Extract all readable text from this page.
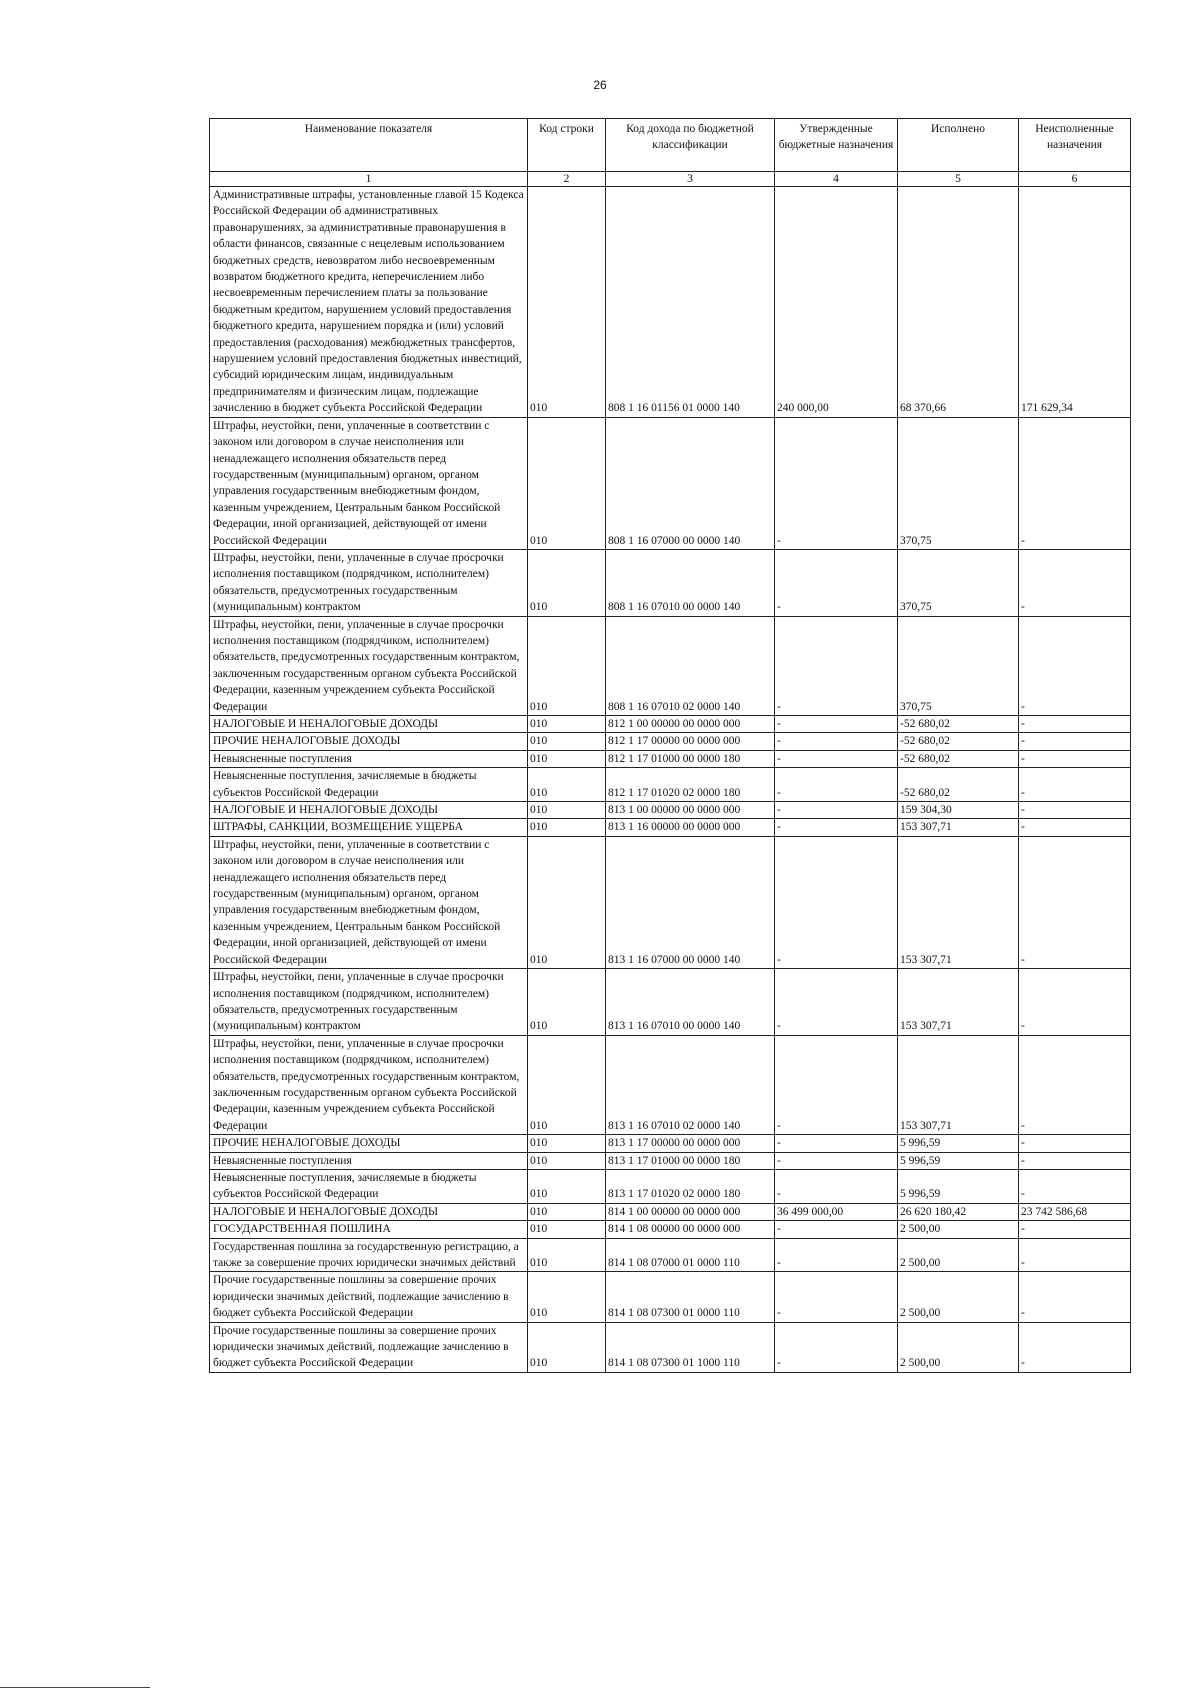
26
Наименование показателя	Код строки	Код дохода по бюджетной классификации	Утвержденные бюджетные назначения	Исполнено	Неисполненные назначения
1	2	3	4	5	6
Административные штрафы, установленные главой 15 Кодекса Российской Федерации об административных правонарушениях, за административные правонарушения в области финансов, связанные с нецелевым использованием бюджетных средств, невозвратом либо несвоевременным возвратом бюджетного кредита, неперечислением либо несвоевременным перечислением платы за пользование бюджетным кредитом, нарушением условий предоставления бюджетного кредита, нарушением порядка и (или) условий предоставления (расходования) межбюджетных трансфертов, нарушением условий предоставления бюджетных инвестиций, субсидий юридическим лицам, индивидуальным предпринимателям и физическим лицам, подлежащие зачислению в бюджет субъекта Российской Федерации	010	808 1 16 01156 01 0000 140	240 000,00	68 370,66	171 629,34
Штрафы, неустойки, пени, уплаченные в соответствии с законом или договором в случае неисполнения или ненадлежащего исполнения обязательств перед государственным (муниципальным) органом, органом управления государственным внебюджетным фондом, казенным учреждением, Центральным банком Российской Федерации, иной организацией, действующей от имени Российской Федерации	010	808 1 16 07000 00 0000 140	-	370,75	-
Штрафы, неустойки, пени, уплаченные в случае просрочки исполнения поставщиком (подрядчиком, исполнителем) обязательств, предусмотренных государственным (муниципальным) контрактом	010	808 1 16 07010 00 0000 140	-	370,75	-
Штрафы, неустойки, пени, уплаченные в случае просрочки исполнения поставщиком (подрядчиком, исполнителем) обязательств, предусмотренных государственным контрактом, заключенным государственным органом субъекта Российской Федерации, казенным учреждением субъекта Российской Федерации	010	808 1 16 07010 02 0000 140	-	370,75	-
НАЛОГОВЫЕ И НЕНАЛОГОВЫЕ ДОХОДЫ	010	812 1 00 00000 00 0000 000	-	-52 680,02	-
ПРОЧИЕ НЕНАЛОГОВЫЕ ДОХОДЫ	010	812 1 17 00000 00 0000 000	-	-52 680,02	-
Невыясненные поступления	010	812 1 17 01000 00 0000 180	-	-52 680,02	-
Невыясненные поступления, зачисляемые в бюджеты субъектов Российской Федерации	010	812 1 17 01020 02 0000 180	-	-52 680,02	-
НАЛОГОВЫЕ И НЕНАЛОГОВЫЕ ДОХОДЫ	010	813 1 00 00000 00 0000 000	-	159 304,30	-
ШТРАФЫ, САНКЦИИ, ВОЗМЕЩЕНИЕ УЩЕРБА	010	813 1 16 00000 00 0000 000	-	153 307,71	-
Штрафы, неустойки, пени, уплаченные в соответствии с законом или договором в случае неисполнения или ненадлежащего исполнения обязательств перед государственным (муниципальным) органом, органом управления государственным внебюджетным фондом, казенным учреждением, Центральным банком Российской Федерации, иной организацией, действующей от имени Российской Федерации	010	813 1 16 07000 00 0000 140	-	153 307,71	-
Штрафы, неустойки, пени, уплаченные в случае просрочки исполнения поставщиком (подрядчиком, исполнителем) обязательств, предусмотренных государственным (муниципальным) контрактом	010	813 1 16 07010 00 0000 140	-	153 307,71	-
Штрафы, неустойки, пени, уплаченные в случае просрочки исполнения поставщиком (подрядчиком, исполнителем) обязательств, предусмотренных государственным контрактом, заключенным государственным органом субъекта Российской Федерации, казенным учреждением субъекта Российской Федерации	010	813 1 16 07010 02 0000 140	-	153 307,71	-
ПРОЧИЕ НЕНАЛОГОВЫЕ ДОХОДЫ	010	813 1 17 00000 00 0000 000	-	5 996,59	-
Невыясненные поступления	010	813 1 17 01000 00 0000 180	-	5 996,59	-
Невыясненные поступления, зачисляемые в бюджеты субъектов Российской Федерации	010	813 1 17 01020 02 0000 180	-	5 996,59	-
НАЛОГОВЫЕ И НЕНАЛОГОВЫЕ ДОХОДЫ	010	814 1 00 00000 00 0000 000	36 499 000,00	26 620 180,42	23 742 586,68
ГОСУДАРСТВЕННАЯ ПОШЛИНА	010	814 1 08 00000 00 0000 000	-	2 500,00	-
Государственная пошлина за государственную регистрацию, а также за совершение прочих юридически значимых действий	010	814 1 08 07000 01 0000 110	-	2 500,00	-
Прочие государственные пошлины за совершение прочих юридически значимых действий, подлежащие зачислению в бюджет субъекта Российской Федерации	010	814 1 08 07300 01 0000 110	-	2 500,00	-
Прочие государственные пошлины за совершение прочих юридически значимых действий, подлежащие зачислению в бюджет субъекта Российской Федерации	010	814 1 08 07300 01 1000 110	-	2 500,00	-
